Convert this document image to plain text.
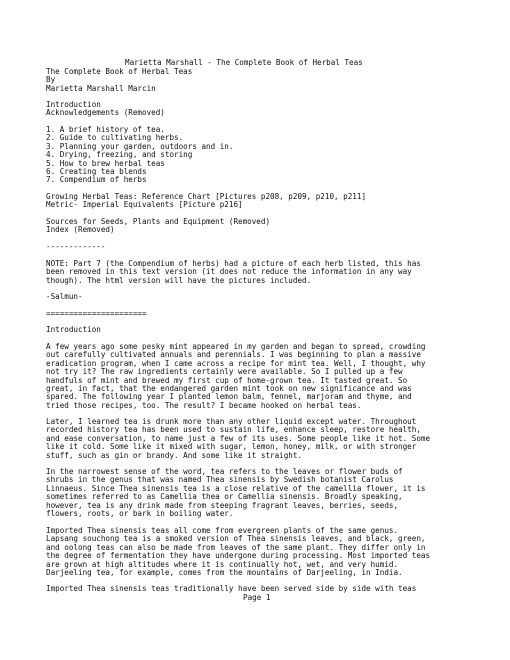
Marietta Marshall - The Complete Book of Herbal Teas
The Complete Book of Herbal Teas
By
Marietta Marshall Marcin
Introduction
Acknowledgements (Removed)
1. A brief history of tea.
2. Guide to cultivating herbs.
3. Planning your garden, outdoors and in.
4. Drying, freezing, and storing
5. How to brew herbal teas
6. Creating tea blends
7. Compendium of herbs
Growing Herbal Teas: Reference Chart [Pictures p208, p209, p210, p211]
Metric- Imperial Equivalents [Picture p216]
Sources for Seeds, Plants and Equipment (Removed)
Index (Removed)
-------------
NOTE: Part 7 (the Compendium of herbs) had a picture of each herb listed, this has
been removed in this text version (it does not reduce the information in any way
though). The html version will have the pictures included.
-Salmun-
======================
Introduction
A few years ago some pesky mint appeared in my garden and began to spread, crowding
out carefully cultivated annuals and perennials. I was beginning to plan a massive
eradication program, when I came across a recipe for mint tea. Well, I thought, why
not try it? The raw ingredients certainly were available. So I pulled up a few
handfuls of mint and brewed my first cup of home-grown tea. It tasted great. So
great, in fact, that the endangered garden mint took on new significance and was
spared. The following year I planted lemon balm, fennel, marjoram and thyme, and
tried those recipes, too. The result? I became hooked on herbal teas.
Later, I learned tea is drunk more than any other liquid except water. Throughout
recorded history tea has been used to sustain life, enhance sleep, restore health,
and ease conversation, to name just a few of its uses. Some people like it hot. Some
like it cold. Some like it mixed with sugar, lemon, honey, milk, or with stronger
stuff, such as gin or brandy. And some like it straight.
In the narrowest sense of the word, tea refers to the leaves or flower buds of
shrubs in the genus that was named Thea sinensis by Swedish botanist Carolus
Linnaeus. Since Thea sinensis tea is a close relative of the camellia flower, it is
sometimes referred to as Camellia thea or Camellia sinensis. Broadly speaking,
however, tea is any drink made from steeping fragrant leaves, berries, seeds,
flowers, roots, or bark in boiling water.
Imported Thea sinensis teas all come from evergreen plants of the same genus.
Lapsang souchong tea is a smoked version of Thea sinensis leaves, and black, green,
and oolong teas can also be made from leaves of the same plant. They differ only in
the degree of fermentation they have undergone during processing. Most imported teas
are grown at high altitudes where it is continually hot, wet, and very humid.
Darjeeling tea, for example, comes from the mountains of Darjeeling, in India.
Imported Thea sinensis teas traditionally have been served side by side with teas
Page 1
